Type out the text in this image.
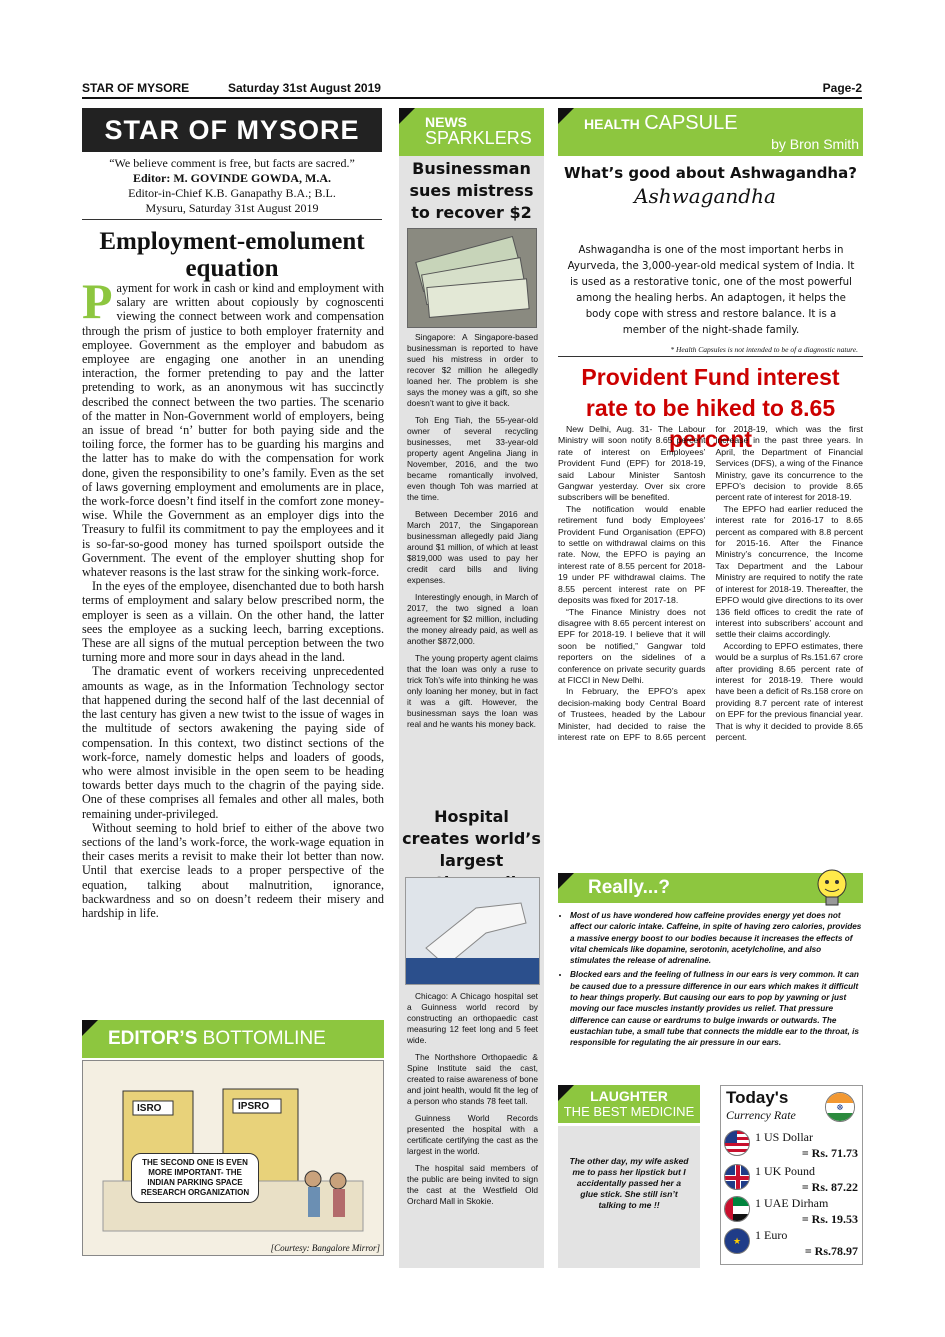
STAR OF MYSORE	Saturday 31st August 2019	Page-2
STAR OF MYSORE
“We believe comment is free, but facts are sacred.”
Editor: M. GOVINDE GOWDA, M.A.
Editor-in-Chief K.B. Ganapathy B.A.; B.L.
Mysuru, Saturday 31st August 2019
Employment-emolument equation

Payment for work in cash or kind and employment with salary are written about copiously by cognoscenti viewing the connect between work and compensation through the prism of justice to both employer fraternity and employee. Government as the employer and babudom as employee are engaging one another in an unending interaction, the former pretending to pay and the latter pretending to work, as an anonymous wit has succinctly described the connect between the two parties. The scenario of the matter in Non-Government world of employers, being an issue of bread ‘n’ butter for both paying side and the toiling force, the former has to be guarding his margins and the latter has to make do with the compensation for work done, given the responsibility to one’s family. Even as the set of laws governing employment and emoluments are in place, the work-force doesn’t find itself in the comfort zone money-wise. While the Government as an employer digs into the Treasury to fulfil its commitment to pay the employees and it is so-far-so-good money has turned spoilsport outside the Government. The event of the employer shutting shop for whatever reasons is the last straw for the sinking work-force.

In the eyes of the employee, disenchanted due to both harsh terms of employment and salary below prescribed norm, the employer is seen as a villain. On the other hand, the latter sees the employee as a sucking leech, barring exceptions. These are all signs of the mutual perception between the two turning more and more sour in days ahead in the land.

The dramatic event of workers receiving unprecedented amounts as wage, as in the Information Technology sector that happened during the second half of the last decennial of the last century has given a new twist to the issue of wages in the multitude of sectors awakening the paying side of compensation. In this context, two distinct sections of the work-force, namely domestic helps and loaders of goods, who were almost invisible in the open seem to be heading towards better days much to the chagrin of the paying side. One of these comprises all females and other all males, both remaining under-privileged.

Without seeming to hold brief to either of the above two sections of the land’s work-force, the work-wage equation in their cases merits a revisit to make their lot better than now. Until that exercise leads to a proper perspective of the equation, talking about malnutrition, ignorance, backwardness and so on doesn’t redeem their misery and hardship in life.

EDITOR’S BOTTOMLINE
ISRO	IPSRO
THE SECOND ONE IS EVEN MORE IMPORTANT- THE INDIAN PARKING SPACE RESEARCH ORGANIZATION
[Courtesy: Bangalore Mirror]
NEWS
SPARKLERS
Businessman sues mistress to recover $2

Singapore: A Singapore-based businessman is reported to have sued his mistress in order to recover $2 million he allegedly loaned her. The problem is she says the money was a gift, so she doesn’t want to give it back.

Toh Eng Tiah, the 55-year-old owner of several recycling businesses, met 33-year-old property agent Angelina Jiang in November, 2016, and the two became romantically involved, even though Toh was married at the time.

Between December 2016 and March 2017, the Singaporean businessman allegedly paid Jiang around $1 million, of which at least $819,000 was used to pay her credit card bills and living expenses.

Interestingly enough, in March of 2017, the two signed a loan agreement for $2 million, including the money already paid, as well as another $872,000.

The young property agent claims that the loan was only a ruse to trick Toh’s wife into thinking he was only loaning her money, but in fact it was a gift. However, the businessman says the loan was real and he wants his money back.

Hospital creates world’s largest

Chicago: A Chicago hospital set a Guinness world record by constructing an orthopaedic cast measuring 12 feet long and 5 feet wide.

The Northshore Orthopaedic & Spine Institute said the cast, created to raise awareness of bone and joint health, would fit the leg of a person who stands 78 feet tall.

Guinness World Records presented the hospital with a certificate certifying the cast as the largest in the world.

The hospital said members of the public are being invited to sign the cast at the Westfield Old Orchard Mall in Skokie.

HEALTH CAPSULE
by Bron Smith
What’s good about Ashwagandha?
Ashwagandha
Ashwagandha is one of the most important herbs in Ayurveda, the 3,000-year-old medical system of India. It is used as a restorative tonic, one of the most powerful among the healing herbs. An adaptogen, it helps the body cope with stress and restore balance. It is a member of the night-shade family.
* Health Capsules is not intended to be of a diagnostic nature.
Provident Fund interest rate to be hiked to 8.65 percent

New Delhi, Aug. 31- The Labour Ministry will soon notify 8.65 percent rate of interest on Employees’ Provident Fund (EPF) for 2018-19, said Labour Minister Santosh Gangwar yesterday. Over six crore subscribers will be benefited.

The notification would enable retirement fund body Employees’ Provident Fund Organisation (EPFO) to settle on withdrawal claims on this rate. Now, the EPFO is paying an interest rate of 8.55 percent for 2018-19 under PF withdrawal claims. The 8.55 percent interest rate on PF deposits was fixed for 2017-18.

“The Finance Ministry does not disagree with 8.65 percent interest on EPF for 2018-19. I believe that it will soon be notified,” Gangwar told reporters on the sidelines of a conference on private security guards at FICCI in New Delhi.

In February, the EPFO’s apex decision-making body Central Board of Trustees, headed by the Labour Minister, had decided to raise the interest rate on EPF to 8.65 percent for 2018-19, which was the first increase in the past three years. In April, the Department of Financial Services (DFS), a wing of the Finance Ministry, gave its concurrence to the EPFO’s decision to provide 8.65 percent rate of interest for 2018-19.

The EPFO had earlier reduced the interest rate for 2016-17 to 8.65 percent as compared with 8.8 percent for 2015-16. After the Finance Ministry’s concurrence, the Income Tax Department and the Labour Ministry are required to notify the rate of interest for 2018-19. Thereafter, the EPFO would give directions to its over 136 field offices to credit the rate of interest into subscribers’ account and settle their claims accordingly.

According to EPFO estimates, there would be a surplus of Rs.151.67 crore after providing 8.65 percent rate of interest for 2018-19. There would have been a deficit of Rs.158 crore on providing 8.7 percent rate of interest on EPF for the previous financial year. That is why it decided to provide 8.65 percent.

Really...?
• Most of us have wondered how caffeine provides energy yet does not affect our caloric intake. Caffeine, in spite of having zero calories, provides a massive energy boost to our bodies because it increases the effects of vital chemicals like dopamine, serotonin, acetylcholine, and also stimulates the release of adrenaline.
• Blocked ears and the feeling of fullness in our ears is very common. It can be caused due to a pressure difference in our ears which makes it difficult to hear things properly. But causing our ears to pop by yawning or just moving our face muscles instantly provides us relief. That pressure difference can cause or eardrums to bulge inwards or outwards. The eustachian tube, a small tube that connects the middle ear to the throat, is responsible for regulating the air pressure in our ears.
LAUGHTER
THE BEST MEDICINE
The other day, my wife asked me to pass her lipstick but I accidentally passed her a glue stick. She still isn’t talking to me !!
Today's
Currency Rate
☸
1 US Dollar
= Rs. 71.73
1 UK Pound
= Rs. 87.22
1 UAE Dirham
= Rs. 19.53
★	1 Euro
= Rs.78.97
